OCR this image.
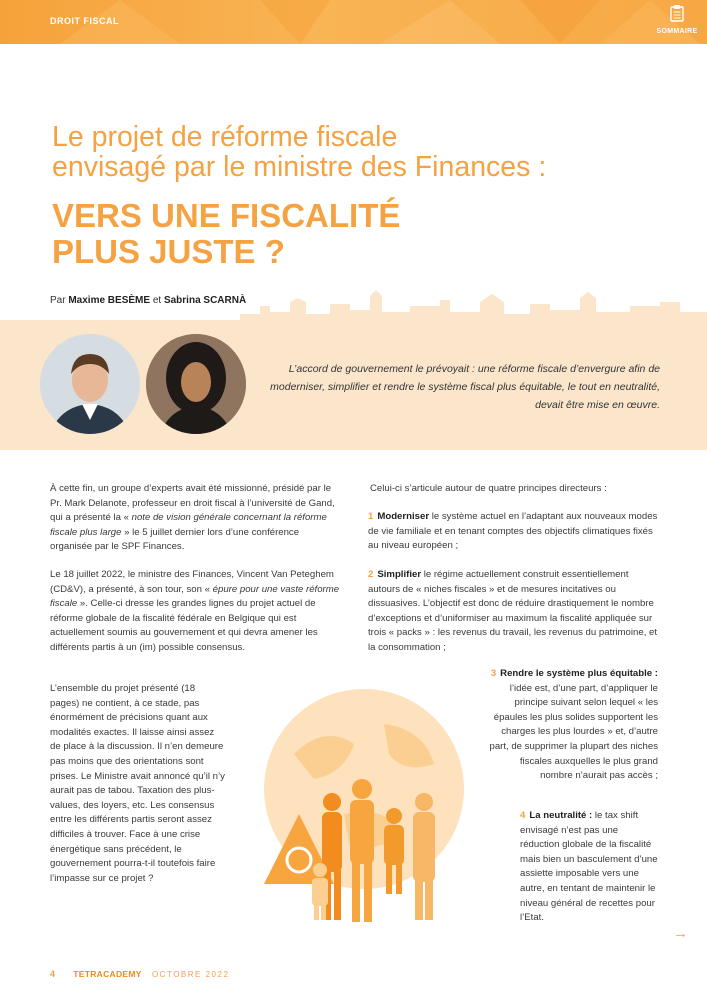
DROIT FISCAL
SOMMAIRE
Le projet de réforme fiscale
envisagé par le ministre des Finances :
VERS UNE FISCALITÉ
PLUS JUSTE ?
Par Maxime BESÈME et Sabrina SCARNÀ
L’accord de gouvernement le prévoyait : une réforme fiscale d’envergure afin de moderniser, simplifier et rendre le système fiscal plus équitable, le tout en neutralité, devait être mise en œuvre.

À cette fin, un groupe d’experts avait été missionné, présidé par le Pr. Mark Delanote, professeur en droit fiscal à l’université de Gand, qui a présenté la « note de vision générale concernant la réforme fiscale plus large » le 5 juillet dernier lors d’une conférence organisée par le SPF Finances.

Le 18 juillet 2022, le ministre des Finances, Vincent Van Peteghem (CD&V), a présenté, à son tour, son « épure pour une vaste réforme fiscale ». Celle-ci dresse les grandes lignes du projet actuel de réforme globale de la fiscalité fédérale en Belgique qui est actuellement soumis au gouvernement et qui devra amener les différents partis à un (im) possible consensus.

L’ensemble du projet présenté (18 pages) ne contient, à ce stade, pas énormément de précisions quant aux modalités exactes. Il laisse ainsi assez de place à la discussion. Il n’en demeure pas moins que des orientations sont prises. Le Ministre avait annoncé qu’il n’y aurait pas de tabou. Taxation des plus-values, des loyers, etc. Les consensus entre les différents partis seront assez difficiles à trouver. Face à une crise énergétique sans précédent, le gouvernement pourra-t-il toutefois faire l’impasse sur ce projet ?

Celui-ci s’articule autour de quatre principes directeurs :
1 Moderniser le système actuel en l’adaptant aux nouveaux modes de vie familiale et en tenant comptes des objectifs climatiques fixés au niveau européen ;
2 Simplifier le régime actuellement construit essentiellement autours de « niches fiscales » et de mesures incitatives ou dissuasives. L’objectif est donc de réduire drastiquement le nombre d’exceptions et d’uniformiser au maximum la fiscalité appliquée sur trois « packs » : les revenus du travail, les revenus du patrimoine, et la consommation ;
3 Rendre le système plus équitable : l’idée est, d’une part, d’appliquer le principe suivant selon lequel « les épaules les plus solides supportent les charges les plus lourdes » et, d’autre part, de supprimer la plupart des niches fiscales auxquelles le plus grand nombre n’aurait pas accès ;
4 La neutralité : le tax shift envisagé n’est pas une réduction globale de la fiscalité mais bien un basculement d’une assiette imposable vers une autre, en tentant de maintenir le niveau général de recettes pour l’Etat.
4 TETRACADEMY OCTOBRE 2022
→
